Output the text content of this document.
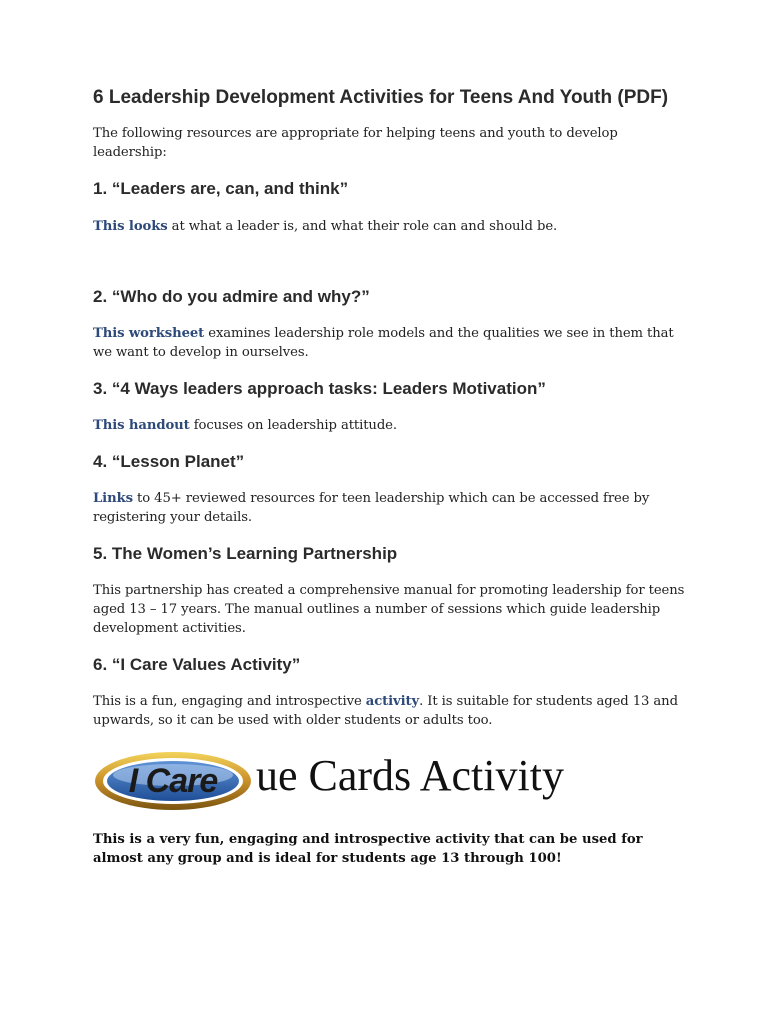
6 Leadership Development Activities for Teens And Youth (PDF)

The following resources are appropriate for helping teens and youth to develop leadership:

1. “Leaders are, can, and think”

This looks at what a leader is, and what their role can and should be.

2. “Who do you admire and why?”

This worksheet examines leadership role models and the qualities we see in them that we want to develop in ourselves.

3. “4 Ways leaders approach tasks: Leaders Motivation”

This handout focuses on leadership attitude.

4. “Lesson Planet”

Links to 45+ reviewed resources for teen leadership which can be accessed free by registering your details.

5. The Women’s Learning Partnership

This partnership has created a comprehensive manual for promoting leadership for teens aged 13 – 17 years. The manual outlines a number of sessions which guide leadership development activities.

6. “I Care Values Activity”

This is a fun, engaging and introspective activity. It is suitable for students aged 13 and upwards, so it can be used with older students or adults too.

I Care ue Cards Activity

This is a very fun, engaging and introspective activity that can be used for almost any group and is ideal for students age 13 through 100!
